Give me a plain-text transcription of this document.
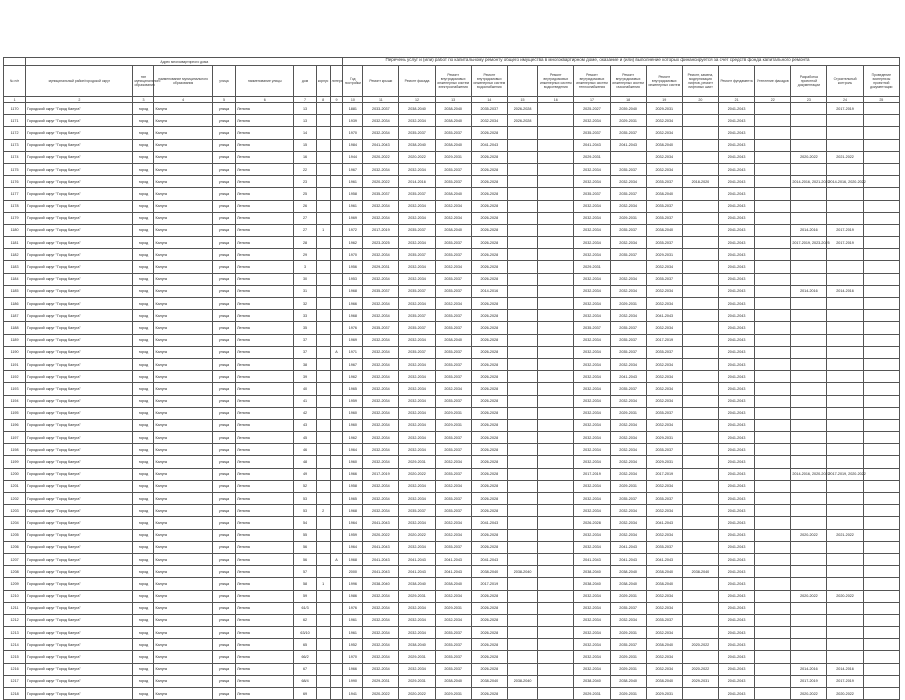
Перечень услуг и (или) работ по капитальному ремонту общего имущества в многоквартирном доме, оказание и (или) выполнение которых финансируется за счет средств фонда капитального ремонта
	Адрес многоквартирного дома																							
№ п/п	муниципальный район/городской округ	тип муниципального образования	наименование муниципального образования	улица	наименование улицы	дом	корпус	литера	Год постройки	Ремонт крыши	Ремонт фасада	Ремонт внутридомовых инженерных систем электроснабжения	Ремонт внутридомовых инженерных систем водоснабжения		Ремонт внутридомовых инженерных систем водоотведения	Ремонт внутридомовых инженерных систем теплоснабжения	Ремонт внутридомовых инженерных систем газоснабжения	Ремонт внутридомовых инженерных систем	Ремонт, замена, модернизация лифтов, ремонт лифтовых шахт	Ремонт фундамента	Утепление фасадов	Разработка проектной документации	Строительный контроль	Проведение экспертизы проектной документации
1	2	3	4	5	6	7	8	9	10	11	12	13	14	15	16	17	18	19	20	21	22	23	24	25
1170	Городской округ "Город Калуга"	город	Калуга	улица	Ленина	13			1881	2033-2037	2038-2040	2038-2040	2035-2037	2026-2028		2025-2027	2039-2040	2029-2031		2041-2043			2017-2019	
1171	Городской округ "Город Калуга"	город	Калуга	улица	Ленина	13			1939	2032-2034	2032-2034	2038-2040	2032-2034	2026-2028		2032-2034	2029-2031	2032-2034		2041-2043				
1172	Городской округ "Город Калуга"	город	Калуга	улица	Ленина	14			1970	2032-2034	2035-2037	2035-2037	2026-2028			2035-2037	2035-2037	2032-2034		2041-2043				
1173	Городской округ "Город Калуга"	город	Калуга	улица	Ленина	15			1984	2041-2043	2038-2040	2038-2040	2041-2043			2041-2043	2041-2043	2038-2040		2041-2043				
1174	Городской округ "Город Калуга"	город	Калуга	улица	Ленина	16			1944	2020-2022	2020-2022	2029-2031	2026-2028			2029-2031		2032-2034		2041-2043		2020-2022	2021-2022	
1175	Городской округ "Город Калуга"	город	Калуга	улица	Ленина	22			1967	2032-2034	2032-2034	2035-2037	2026-2028			2032-2034	2035-2037	2032-2034		2041-2043				
1176	Городской округ "Город Калуга"	город	Калуга	улица	Ленина	23			1961	2020-2022	2014-2016	2035-2037	2026-2028			2032-2034	2032-2034	2035-2037	2018-2020	2041-2043		2014-2016, 2021-2022	2014-2016, 2020-2022	
1177	Городской округ "Город Калуга"	город	Калуга	улица	Ленина	25			1958	2035-2037	2035-2037	2038-2040	2026-2028			2035-2037	2035-2037	2038-2040		2041-2043				
1178	Городской округ "Город Калуга"	город	Калуга	улица	Ленина	26			1961	2032-2034	2032-2034	2032-2034	2026-2028			2032-2034	2032-2034	2035-2037		2041-2043				
1179	Городской округ "Город Калуга"	город	Калуга	улица	Ленина	27			1969	2032-2034	2032-2034	2032-2034	2026-2028			2032-2034	2029-2031	2035-2037		2041-2043				
1180	Городской округ "Город Калуга"	город	Калуга	улица	Ленина	27	1		1972	2017-2019	2035-2037	2038-2040	2026-2028			2032-2034	2035-2037	2038-2040		2041-2043		2014-2016	2017-2019	
1181	Городской округ "Город Калуга"	город	Калуга	улица	Ленина	28			1962	2023-2025	2032-2034	2035-2037	2026-2028			2032-2034	2032-2034	2035-2037		2041-2043		2017-2019, 2023-2025	2017-2019	
1182	Городской округ "Город Калуга"	город	Калуга	улица	Ленина	29			1970	2032-2034	2035-2037	2035-2037	2026-2028			2032-2034	2035-2037	2029-2031		2041-2043				
1183	Городской округ "Город Калуга"	город	Калуга	улица	Ленина	3			1956	2029-2031	2032-2034	2032-2034	2026-2028			2029-2031		2032-2034		2041-2043				
1184	Городской округ "Город Калуга"	город	Калуга	улица	Ленина	30			1953	2032-2034	2032-2034	2035-2037	2026-2028			2032-2034	2032-2034	2035-2037		2041-2043				
1185	Городской округ "Город Калуга"	город	Калуга	улица	Ленина	31			1968	2035-2037	2035-2037	2035-2037	2014-2016			2032-2034	2032-2034	2032-2034		2041-2043		2014-2016	2014-2016	
1186	Городской округ "Город Калуга"	город	Калуга	улица	Ленина	32			1966	2032-2034	2032-2034	2032-2034	2026-2028			2032-2034	2029-2031	2032-2034		2041-2043				
1187	Городской округ "Город Калуга"	город	Калуга	улица	Ленина	33			1968	2032-2034	2035-2037	2035-2037	2026-2028			2032-2034	2032-2034	2041-2043		2041-2043				
1188	Городской округ "Город Калуга"	город	Калуга	улица	Ленина	35			1976	2035-2037	2035-2037	2035-2037	2026-2028			2035-2037	2035-2037	2032-2034		2041-2043				
1189	Городской округ "Город Калуга"	город	Калуга	улица	Ленина	37			1969	2032-2034	2032-2034	2038-2040	2026-2028			2032-2034	2035-2037	2017-2019		2041-2043				
1190	Городской округ "Город Калуга"	город	Калуга	улица	Ленина	37		А	1971	2032-2034	2035-2037	2035-2037	2026-2028			2032-2034	2035-2037	2035-2037		2041-2043				
1191	Городской округ "Город Калуга"	город	Калуга	улица	Ленина	38			1967	2032-2034	2032-2034	2035-2037	2026-2028			2032-2034	2032-2034	2032-2034		2041-2043				
1192	Городской округ "Город Калуга"	город	Калуга	улица	Ленина	39			1962	2032-2034	2032-2034	2035-2037	2026-2028			2032-2034	2041-2043	2032-2034		2041-2043				
1193	Городской округ "Город Калуга"	город	Калуга	улица	Ленина	40			1965	2032-2034	2032-2034	2032-2034	2026-2028			2032-2034	2035-2037	2032-2034		2041-2043				
1194	Городской округ "Город Калуга"	город	Калуга	улица	Ленина	41			1959	2032-2034	2032-2034	2035-2037	2026-2028			2032-2034	2032-2034	2032-2034		2041-2043				
1195	Городской округ "Город Калуга"	город	Калуга	улица	Ленина	42			1960	2032-2034	2032-2034	2029-2031	2026-2028			2032-2034	2029-2031	2035-2037		2041-2043				
1196	Городской округ "Город Калуга"	город	Калуга	улица	Ленина	43			1960	2032-2034	2032-2034	2029-2031	2026-2028			2032-2034	2032-2034	2032-2034		2041-2043				
1197	Городской округ "Город Калуга"	город	Калуга	улица	Ленина	45			1962	2032-2034	2032-2034	2035-2037	2026-2028			2032-2034	2032-2034	2029-2031		2041-2043				
1198	Городской округ "Город Калуга"	город	Калуга	улица	Ленина	46			1964	2032-2034	2032-2034	2035-2037	2026-2028			2032-2034	2032-2034	2035-2037		2041-2043				
1199	Городской округ "Город Калуга"	город	Калуга	улица	Ленина	48			1960	2032-2034	2029-2031	2032-2034	2026-2028			2032-2034	2032-2034	2029-2031		2041-2043				
1200	Городской округ "Город Калуга"	город	Калуга	улица	Ленина	49			1966	2017-2019	2020-2022	2035-2037	2026-2028			2017-2019	2032-2034	2017-2019		2041-2043		2014-2016, 2020-2022	2017-2019, 2020-2022	
1201	Городской округ "Город Калуга"	город	Калуга	улица	Ленина	52			1958	2032-2034	2032-2034	2032-2034	2026-2028			2032-2034	2029-2031	2032-2034		2041-2043				
1202	Городской округ "Город Калуга"	город	Калуга	улица	Ленина	53			1965	2032-2034	2032-2034	2035-2037	2026-2028			2032-2034	2035-2037	2035-2037		2041-2043				
1203	Городской округ "Город Калуга"	город	Калуга	улица	Ленина	53	2		1968	2032-2034	2035-2037	2035-2037	2026-2028			2032-2034	2032-2034	2032-2034		2041-2043				
1204	Городской округ "Город Калуга"	город	Калуга	улица	Ленина	54			1964	2041-2043	2032-2034	2032-2034	2041-2043			2026-2028	2032-2034	2041-2043		2041-2043				
1205	Городской округ "Город Калуга"	город	Калуга	улица	Ленина	55			1959	2020-2022	2020-2022	2032-2034	2026-2028			2032-2034	2032-2034	2032-2034		2041-2043		2020-2022	2021-2022	
1206	Городской округ "Город Калуга"	город	Калуга	улица	Ленина	56			1964	2041-2043	2032-2034	2035-2037	2026-2028			2032-2034	2041-2043	2035-2037		2041-2043				
1207	Городской округ "Город Калуга"	город	Калуга	улица	Ленина	56		А	1968	2041-2043	2041-2043	2041-2043	2041-2043			2041-2043	2041-2043	2041-2043		2041-2043				
1208	Городской округ "Город Калуга"	город	Калуга	улица	Ленина	57			2000	2041-2043	2041-2043	2041-2043	2038-2040	2038-2040		2038-2040	2038-2040	2038-2040	2038-2040	2041-2043				
1209	Городской округ "Город Калуга"	город	Калуга	улица	Ленина	58	1		1996	2038-2040	2038-2040	2038-2040	2017-2019			2038-2040	2038-2040	2038-2040		2041-2043				
1210	Городской округ "Город Калуга"	город	Калуга	улица	Ленина	59			1986	2032-2034	2029-2031	2032-2034	2026-2028			2032-2034	2029-2031	2032-2034		2041-2043		2020-2022	2020-2022	
1211	Городской округ "Город Калуга"	город	Калуга	улица	Ленина	61/3			1976	2032-2034	2032-2034	2029-2031	2026-2028			2032-2034	2035-2037	2032-2034		2041-2043				
1212	Городской округ "Город Калуга"	город	Калуга	улица	Ленина	62			1961	2032-2034	2032-2034	2032-2034	2026-2028			2032-2034	2032-2034	2035-2037		2041-2043				
1213	Городской округ "Город Калуга"	город	Калуга	улица	Ленина	63/10			1961	2032-2034	2032-2034	2035-2037	2026-2028			2032-2034	2029-2031	2032-2034		2041-2043				
1214	Городской округ "Город Калуга"	город	Калуга	улица	Ленина	65			1952	2032-2034	2038-2040	2035-2037	2026-2028			2032-2034	2035-2037	2038-2040	2020-2022	2041-2043				
1215	Городской округ "Город Калуга"	город	Калуга	улица	Ленина	66/2			1970	2032-2034	2029-2031	2035-2037	2026-2028			2032-2034	2029-2031	2032-2034		2041-2043				
1216	Городской округ "Город Калуга"	город	Калуга	улица	Ленина	67			1966	2032-2034	2032-2034	2035-2037	2026-2028			2032-2034	2029-2031	2032-2034	2020-2022	2041-2043		2014-2016	2014-2016	
1217	Городской округ "Город Калуга"	город	Калуга	улица	Ленина	68/4			1990	2029-2031	2029-2031	2038-2040	2038-2040	2038-2040		2038-2040	2038-2040	2038-2040	2029-2031	2041-2043		2017-2019	2017-2019	
1218	Городской округ "Город Калуга"	город	Калуга	улица	Ленина	69			1941	2020-2022	2020-2022	2029-2031	2026-2028			2029-2031	2029-2031	2029-2031		2041-2043		2020-2022	2020-2022	
